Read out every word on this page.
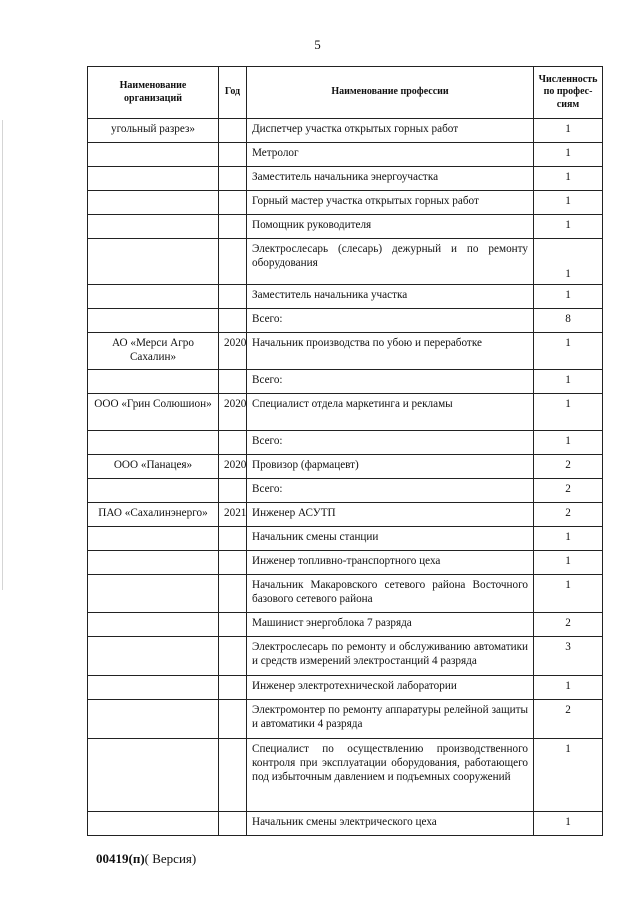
5
Наименование организаций	Год	Наименование профессии	Численность по профес-сиям
угольный разрез»		Диспетчер участка открытых горных работ	1
		Метролог	1
		Заместитель начальника энергоучастка	1
		Горный мастер участка открытых горных работ	1
		Помощник руководителя	1
		Электрослесарь (слесарь) дежурный и по ремонту оборудования	1
		Заместитель начальника участка	1
		Всего:	8
АО «Мерси Агро Сахалин»	2020	Начальник производства по убою и переработке	1
		Всего:	1
ООО «Грин Солюшион»	2020	Специалист отдела маркетинга и рекламы	1
		Всего:	1
ООО «Панацея»	2020	Провизор (фармацевт)	2
		Всего:	2
ПАО «Сахалинэнерго»	2021	Инженер АСУТП	2
		Начальник смены станции	1
		Инженер топливно-транспортного цеха	1
		Начальник Макаровского сетевого района Восточного базового сетевого района	1
		Машинист энергоблока 7 разряда	2
		Электрослесарь по ремонту и обслуживанию автоматики и средств измерений электростанций 4 разряда	3
		Инженер электротехнической лаборатории	1
		Электромонтер по ремонту аппаратуры релейной защиты и автоматики 4 разряда	2
		Специалист по осуществлению производственного контроля при эксплуатации оборудования, работающего под избыточным давлением и подъемных сооружений	1
		Начальник смены электрического цеха	1
00419(п)( Версия)
